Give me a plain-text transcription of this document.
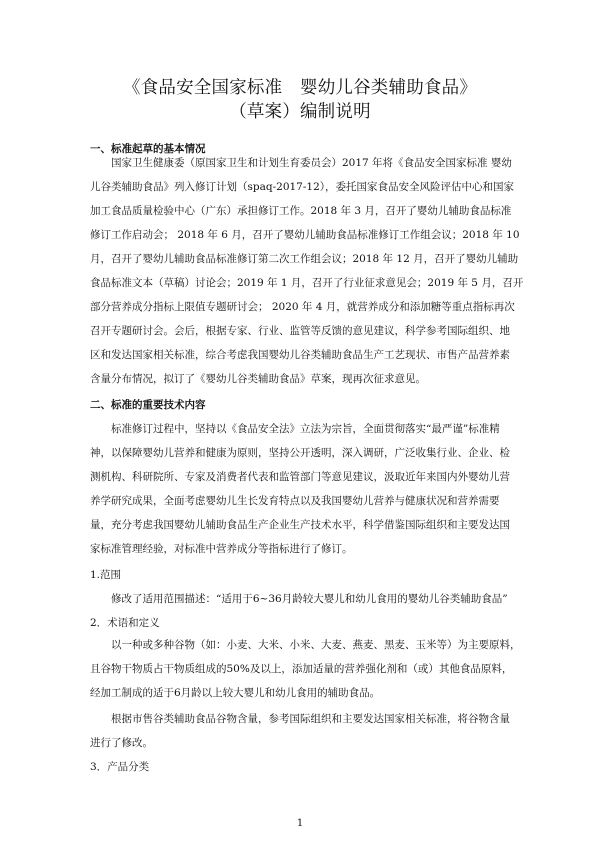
《食品安全国家标准　婴幼儿谷类辅助食品》
（草案）编制说明
一、标准起草的基本情况
国家卫生健康委（原国家卫生和计划生育委员会）2017 年将《食品安全国家标准 婴幼
儿谷类辅助食品》列入修订计划（spaq-2017-12），委托国家食品安全风险评估中心和国家
加工食品质量检验中心（广东）承担修订工作。2018 年 3 月，召开了婴幼儿辅助食品标准
修订工作启动会； 2018 年 6 月，召开了婴幼儿辅助食品标准修订工作组会议；2018 年 10
月，召开了婴幼儿辅助食品标准修订第二次工作组会议；2018 年 12 月，召开了婴幼儿辅助
食品标准文本（草稿）讨论会；2019 年 1 月，召开了行业征求意见会；2019 年 5 月，召开
部分营养成分指标上限值专题研讨会； 2020 年 4 月，就营养成分和添加糖等重点指标再次
召开专题研讨会。会后，根据专家、行业、监管等反馈的意见建议，科学参考国际组织、地
区和发达国家相关标准，综合考虑我国婴幼儿谷类辅助食品生产工艺现状、市售产品营养素
含量分布情况，拟订了《婴幼儿谷类辅助食品》草案，现再次征求意见。
二、标准的重要技术内容
标准修订过程中，坚持以《食品安全法》立法为宗旨，全面贯彻落实“最严谨”标准精
神，以保障婴幼儿营养和健康为原则，坚持公开透明，深入调研，广泛收集行业、企业、检
测机构、科研院所、专家及消费者代表和监管部门等意见建议，汲取近年来国内外婴幼儿营
养学研究成果，全面考虑婴幼儿生长发育特点以及我国婴幼儿营养与健康状况和营养需要
量，充分考虑我国婴幼儿辅助食品生产企业生产技术水平，科学借鉴国际组织和主要发达国
家标准管理经验，对标准中营养成分等指标进行了修订。
1.范围
修改了适用范围描述：“适用于6~36月龄较大婴儿和幼儿食用的婴幼儿谷类辅助食品”
2．术语和定义
以一种或多种谷物（如：小麦、大米、小米、大麦、燕麦、黑麦、玉米等）为主要原料，
且谷物干物质占干物质组成的50%及以上，添加适量的营养强化剂和（或）其他食品原料，
经加工制成的适于6月龄以上较大婴儿和幼儿食用的辅助食品。
根据市售谷类辅助食品谷物含量，参考国际组织和主要发达国家相关标准，将谷物含量
进行了修改。
3．产品分类
1
